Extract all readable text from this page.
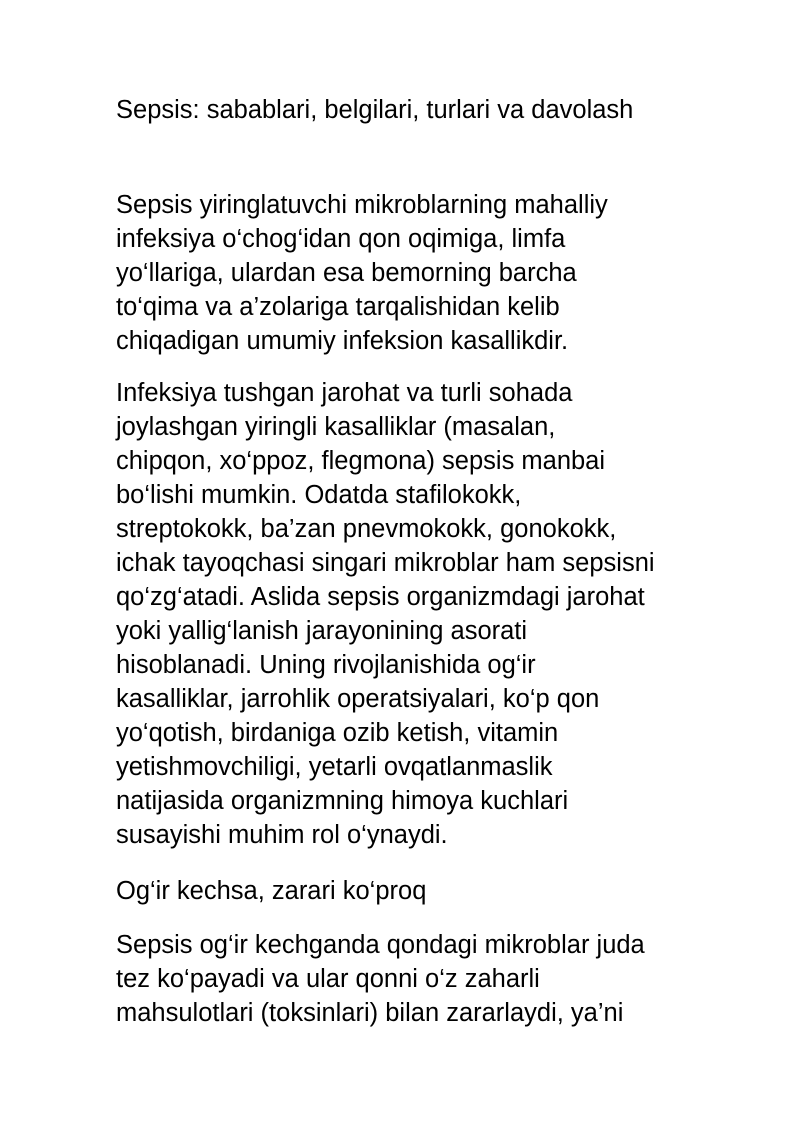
Sepsis: sabablari, belgilari, turlari va davolash

Sepsis yiringlatuvchi mikroblarning mahalliy
infeksiya o‘chog‘idan qon oqimiga, limfa
yo‘llariga, ulardan esa bemorning barcha
to‘qima va a’zolariga tarqalishidan kelib
chiqadigan umumiy infeksion kasallikdir.

Infeksiya tushgan jarohat va turli sohada
joylashgan yiringli kasalliklar (masalan,
chipqon, xo‘ppoz, flegmona) sepsis manbai
bo‘lishi mumkin. Odatda stafilokokk,
streptokokk, ba’zan pnevmokokk, gonokokk,
ichak tayoqchasi singari mikroblar ham sepsisni
qo‘zg‘atadi. Aslida sepsis organizmdagi jarohat
yoki yallig‘lanish jarayonining asorati
hisoblanadi. Uning rivojlanishida og‘ir
kasalliklar, jarrohlik operatsiyalari, ko‘p qon
yo‘qotish, birdaniga ozib ketish, vitamin
yetishmovchiligi, yetarli ovqatlanmaslik
natijasida organizmning himoya kuchlari
susayishi muhim rol o‘ynaydi.

Og‘ir kechsa, zarari ko‘proq

Sepsis og‘ir kechganda qondagi mikroblar juda
tez ko‘payadi va ular qonni o‘z zaharli
mahsulotlari (toksinlari) bilan zararlaydi, ya’ni
